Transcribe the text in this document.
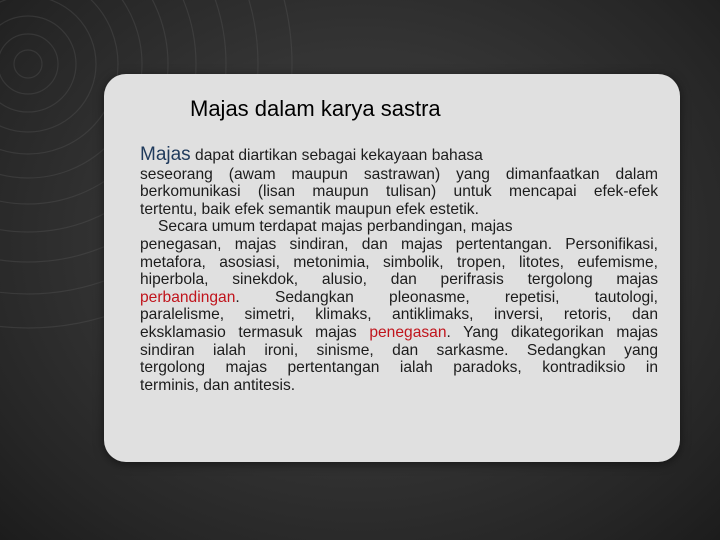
Majas dalam karya sastra
Majas dapat diartikan sebagai kekayaan bahasa
seseorang (awam maupun sastrawan) yang dimanfaatkan dalam
berkomunikasi (lisan maupun tulisan) untuk mencapai efek-efek
tertentu, baik efek semantik maupun efek estetik.
Secara umum terdapat majas perbandingan, majas
penegasan, majas sindiran, dan majas pertentangan. Personifikasi,
metafora, asosiasi, metonimia, simbolik, tropen, litotes, eufemisme,
hiperbola, sinekdok, alusio, dan perifrasis tergolong majas
perbandingan. Sedangkan pleonasme, repetisi, tautologi,
paralelisme, simetri, klimaks, antiklimaks, inversi, retoris, dan
eksklamasio termasuk majas penegasan. Yang dikategorikan majas
sindiran ialah ironi, sinisme, dan sarkasme. Sedangkan yang
tergolong majas pertentangan ialah paradoks, kontradiksio in
terminis, dan antitesis.
